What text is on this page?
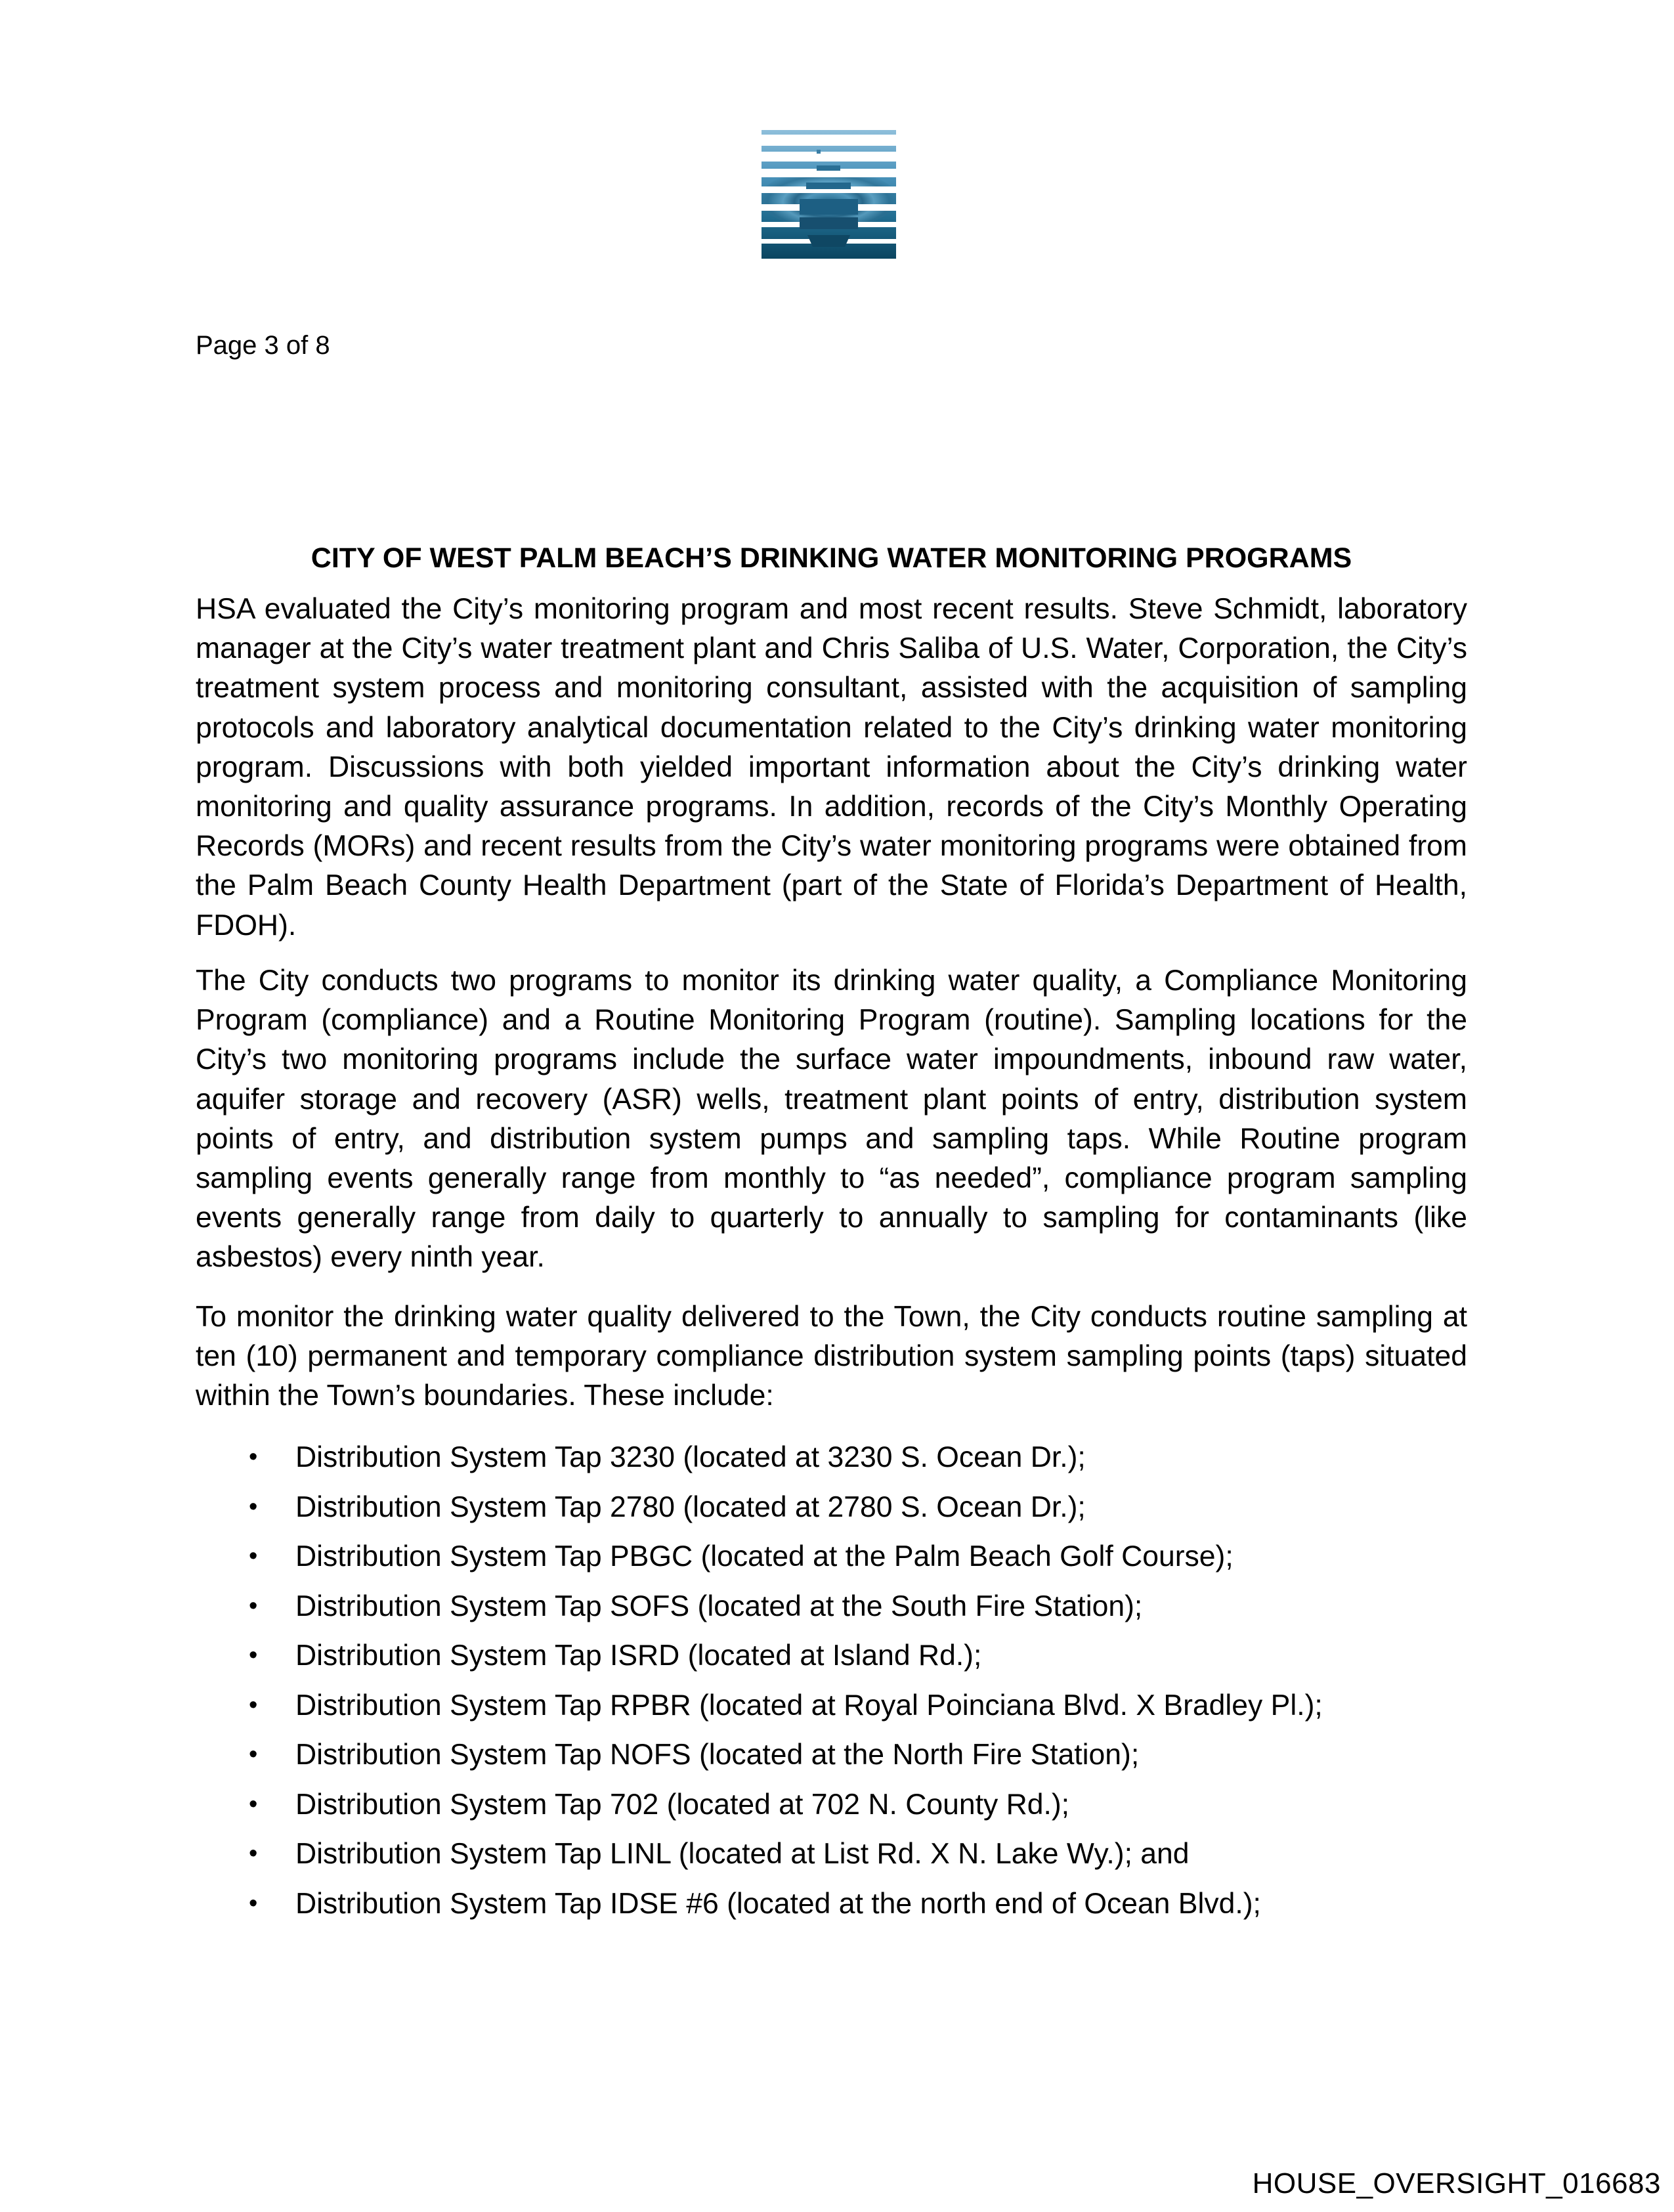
Page 3 of 8
CITY OF WEST PALM BEACH’S DRINKING WATER MONITORING PROGRAMS

HSA evaluated the City’s monitoring program and most recent results. Steve Schmidt, laboratory manager at the City’s water treatment plant and Chris Saliba of U.S. Water, Corporation, the City’s treatment system process and monitoring consultant, assisted with the acquisition of sampling protocols and laboratory analytical documentation related to the City’s drinking water monitoring program. Discussions with both yielded important information about the City’s drinking water monitoring and quality assurance programs. In addition, records of the City’s Monthly Operating Records (MORs) and recent results from the City’s water monitoring programs were obtained from the Palm Beach County Health Department (part of the State of Florida’s Department of Health, FDOH).

The City conducts two programs to monitor its drinking water quality, a Compliance Monitoring Program (compliance) and a Routine Monitoring Program (routine). Sampling locations for the City’s two monitoring programs include the surface water impoundments, inbound raw water, aquifer storage and recovery (ASR) wells, treatment plant points of entry, distribution system points of entry, and distribution system pumps and sampling taps. While Routine program sampling events generally range from monthly to “as needed”, compliance program sampling events generally range from daily to quarterly to annually to sampling for contaminants (like asbestos) every ninth year.

To monitor the drinking water quality delivered to the Town, the City conducts routine sampling at ten (10) permanent and temporary compliance distribution system sampling points (taps) situated within the Town’s boundaries. These include:

• Distribution System Tap 3230 (located at 3230 S. Ocean Dr.);
• Distribution System Tap 2780 (located at 2780 S. Ocean Dr.);
• Distribution System Tap PBGC (located at the Palm Beach Golf Course);
• Distribution System Tap SOFS (located at the South Fire Station);
• Distribution System Tap ISRD (located at Island Rd.);
• Distribution System Tap RPBR (located at Royal Poinciana Blvd. X Bradley Pl.);
• Distribution System Tap NOFS (located at the North Fire Station);
• Distribution System Tap 702 (located at 702 N. County Rd.);
• Distribution System Tap LINL (located at List Rd. X N. Lake Wy.); and
• Distribution System Tap IDSE #6 (located at the north end of Ocean Blvd.);
HOUSE_OVERSIGHT_016683
